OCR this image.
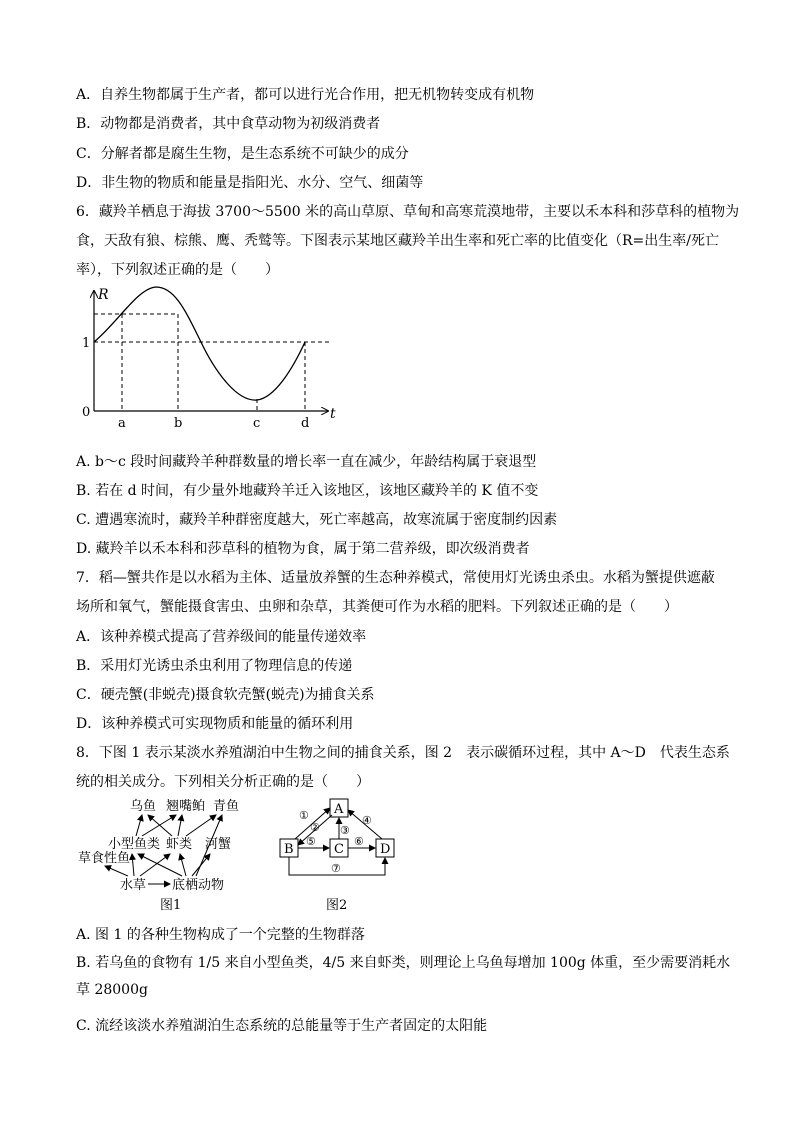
A．自养生物都属于生产者，都可以进行光合作用，把无机物转变成有机物
B．动物都是消费者，其中食草动物为初级消费者
C．分解者都是腐生生物，是生态系统不可缺少的成分
D．非生物的物质和能量是指阳光、水分、空气、细菌等
6．藏羚羊栖息于海拔 3700～5500 米的高山草原、草甸和高寒荒漠地带，主要以禾本科和莎草科的植物为
食，天敌有狼、棕熊、鹰、秃鹫等。下图表示某地区藏羚羊出生率和死亡率的比值变化（R=出生率/死亡
率），下列叙述正确的是（　　）
R
t
1
0
a	b	c	d
A. b～c 段时间藏羚羊种群数量的增长率一直在减少，年龄结构属于衰退型
B. 若在 d 时间，有少量外地藏羚羊迁入该地区，该地区藏羚羊的 K 值不变
C. 遭遇寒流时，藏羚羊种群密度越大，死亡率越高，故寒流属于密度制约因素
D. 藏羚羊以禾本科和莎草科的植物为食，属于第二营养级，即次级消费者
7．稻—蟹共作是以水稻为主体、适量放养蟹的生态种养模式，常使用灯光诱虫杀虫。水稻为蟹提供遮蔽
场所和氧气，蟹能摄食害虫、虫卵和杂草，其粪便可作为水稻的肥料。下列叙述正确的是（　　）
A．该种养模式提高了营养级间的能量传递效率
B．采用灯光诱虫杀虫利用了物理信息的传递
C．硬壳蟹(非蜕壳)摄食软壳蟹(蜕壳)为捕食关系
D．该种养模式可实现物质和能量的循环利用
8．下图 1 表示某淡水养殖湖泊中生物之间的捕食关系，图 2　表示碳循环过程，其中 A～D　代表生态系
统的相关成分。下列相关分析正确的是（　　）
乌鱼 翘嘴鲌 青鱼
小型鱼类 虾类 河蟹
草食性鱼
水草 底栖动物
图1
A
B	C	D
①
② ③
④
⑤	⑥
⑦
图2
A. 图 1 的各种生物构成了一个完整的生物群落
B. 若乌鱼的食物有 1/5 来自小型鱼类，4/5 来自虾类，则理论上乌鱼每增加 100g 体重，至少需要消耗水
草 28000g
C. 流经该淡水养殖湖泊生态系统的总能量等于生产者固定的太阳能
